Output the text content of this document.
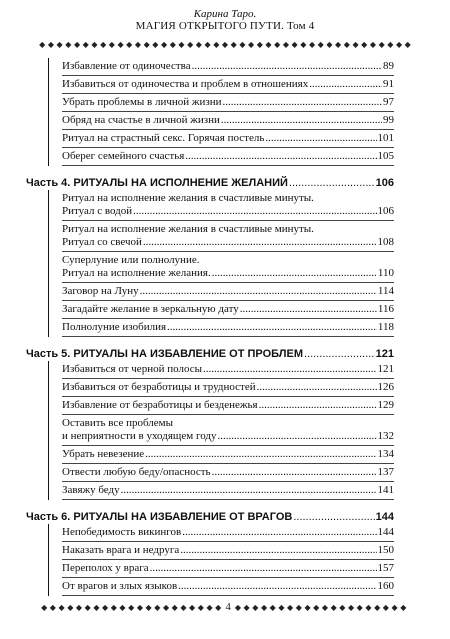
Карина Таро.
МАГИЯ ОТКРЫТОГО ПУТИ. Том 4
◆ ◆ ◆ ◆ ◆ ◆ ◆ ◆ ◆ ◆ ◆ ◆ ◆ ◆ ◆ ◆ ◆ ◆ ◆ ◆ ◆ ◆ ◆ ◆ ◆ ◆ ◆ ◆ ◆ ◆ ◆ ◆ ◆ ◆ ◆ ◆ ◆ ◆ ◆ ◆ ◆ ◆ ◆
Избавление от одиночества .....	89
Избавиться от одиночества и проблем в отношениях .....	91
Убрать проблемы в личной жизни .....	97
Обряд на счастье в личной жизни .....	99
Ритуал на страстный секс. Горячая постель .....	101
Оберег семейного счастья .....	105
Часть 4. РИТУАЛЫ НА ИСПОЛНЕНИЕ ЖЕЛАНИЙ .....	106
Ритуал на исполнение желания в счастливые минуты.
Ритуал с водой .....	106
Ритуал на исполнение желания в счастливые минуты.
Ритуал со свечой .....	108
Суперлуние или полнолуние.
Ритуал на исполнение желания. .....	110
Заговор на Луну .....	114
Загадайте желание в зеркальную дату .....	116
Полнолуние изобилия .....	118
Часть 5. РИТУАЛЫ НА ИЗБАВЛЕНИЕ ОТ ПРОБЛЕМ .....	121
Избавиться от черной полосы .....	121
Избавиться от безработицы и трудностей .....	126
Избавление от безработицы и безденежья .....	129
Оставить все проблемы
и неприятности в уходящем году .....	132
Убрать невезение .....	134
Отвести любую беду/опасность .....	137
Завяжу беду .....	141
Часть 6. РИТУАЛЫ НА ИЗБАВЛЕНИЕ ОТ ВРАГОВ .....	144
Непобедимость викингов .....	144
Наказать врага и недруга .....	150
Переполох у врага .....	157
От врагов и злых языков .....	160
◆ ◆ ◆ ◆ ◆ ◆ ◆ ◆ ◆ ◆ ◆ ◆ ◆ ◆ ◆ ◆ ◆ ◆ ◆ ◆ ◆ 4 ◆ ◆ ◆ ◆ ◆ ◆ ◆ ◆ ◆ ◆ ◆ ◆ ◆ ◆ ◆ ◆ ◆ ◆ ◆ ◆
